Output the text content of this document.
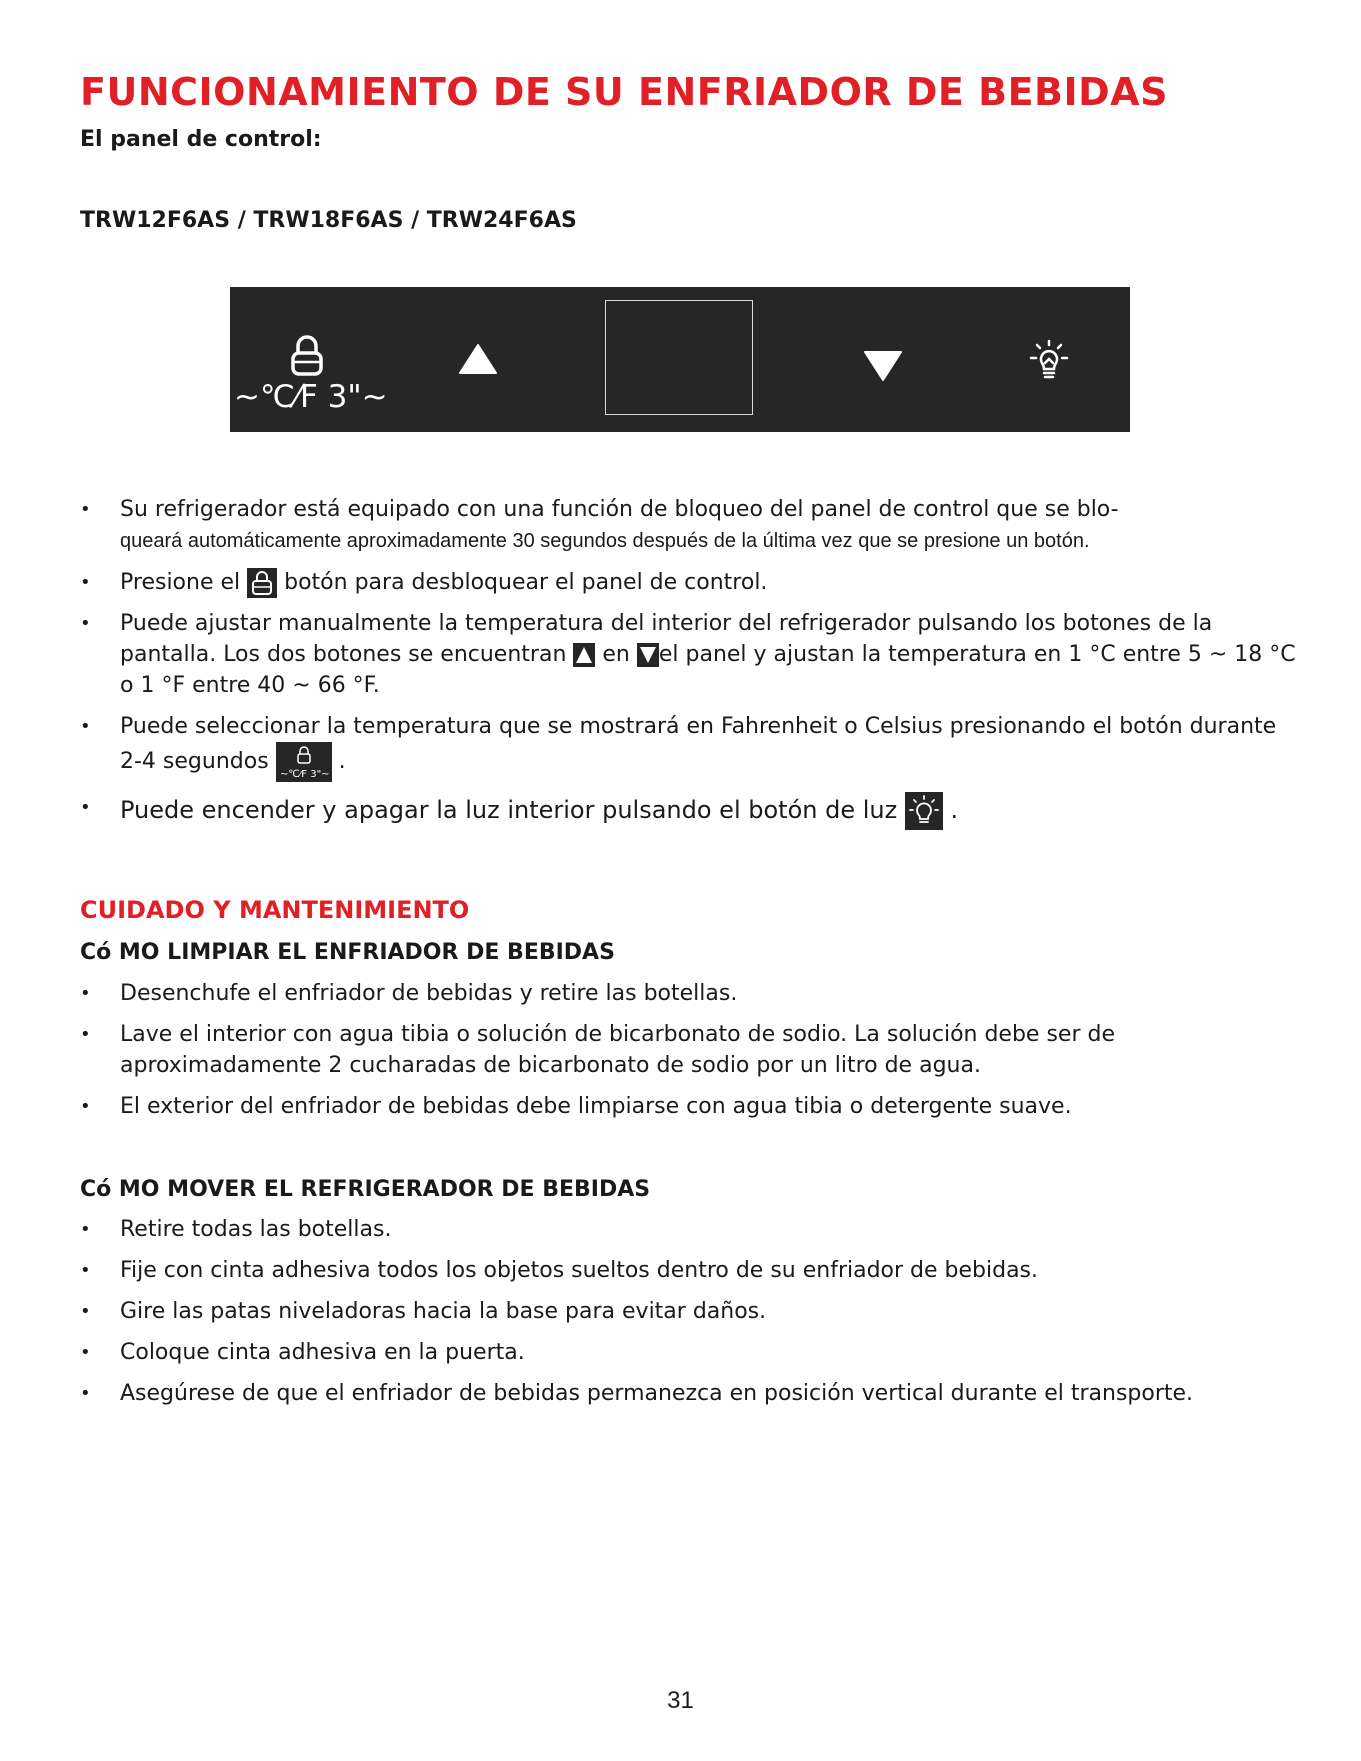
FUNCIONAMIENTO DE SU ENFRIADOR DE BEBIDAS
El panel de control:
TRW12F6AS / TRW18F6AS / TRW24F6AS
~℃⁄F 3"~
• Su refrigerador está equipado con una función de bloqueo del panel de control que se blo-
queará automáticamente aproximadamente 30 segundos después de la última vez que se presione un botón.
• Presione el
botón para desbloquear el panel de control.
• Puede ajustar manualmente la temperatura del interior del refrigerador pulsando los botones de la pantalla. Los dos botones se encuentran
en
el panel y ajustan la temperatura en 1 °C entre 5 ~ 18 °C o 1 °F entre 40 ~ 66 °F.
• Puede seleccionar la temperatura que se mostrará en Fahrenheit o Celsius presionando el botón durante 2-4 segundos
~℃⁄F 3"~
.
• Puede encender y apagar la luz interior pulsando el botón de luz
.
CUIDADO Y MANTENIMIENTO
Có MO LIMPIAR EL ENFRIADOR DE BEBIDAS
• Desenchufe el enfriador de bebidas y retire las botellas.
• Lave el interior con agua tibia o solución de bicarbonato de sodio. La solución debe ser de aproximadamente 2 cucharadas de bicarbonato de sodio por un litro de agua.
• El exterior del enfriador de bebidas debe limpiarse con agua tibia o detergente suave.
Có MO MOVER EL REFRIGERADOR DE BEBIDAS
• Retire todas las botellas.
• Fije con cinta adhesiva todos los objetos sueltos dentro de su enfriador de bebidas.
• Gire las patas niveladoras hacia la base para evitar daños.
• Coloque cinta adhesiva en la puerta.
• Asegúrese de que el enfriador de bebidas permanezca en posición vertical durante el transporte.
31
